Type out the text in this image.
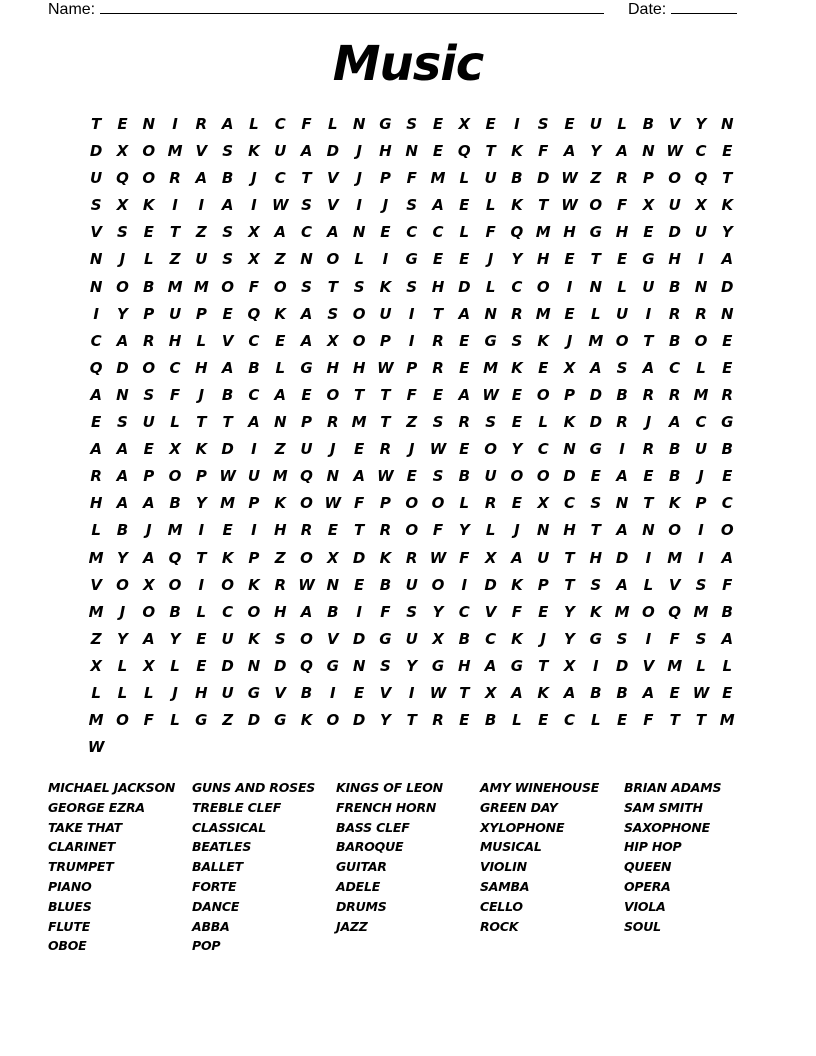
Name:	Date:
Music
T	E N	I	R A	L	C	F	L	N G S	E	X	E	I	S	E	U	L	B V	Y N
D X O M V	S	K U A D	J	H N E Q T	K	F	A	Y	A N W C	E
U Q O R A B	J	C	T	V	J	P	F M L	U B D W Z	R	P O Q T
S	X K	I	I	A	I	W S	V	I	J	S	A	E	L	K	T W O F	X U X K
V	S	E	T	Z	S	X A C A N E	C	C	L	F Q M H G H E D U Y
N	J	L	Z U S	X	Z N O	L	I	G	E	E	J	Y H E	T	E	G H	I	A
N O B M M O F O S	T	S	K	S H D	L	C O	I	N	L	U B N D
I	Y	P U P	E Q K A	S O U	I	T	A N R M E	L	U	I	R R N
C A R H	L	V C	E	A X O P	I	R	E	G S	K	J	M O T	B O E
Q D O C H A B	L	G H H W P	R	E M K	E	X A	S	A C	L	E
A N S	F	J	B	C A	E O T	T	F	E	A W E O P D B R R M R
E	S U	L	T	T	A N P	R M T	Z	S	R	S	E	L	K D R	J	A C G
A A	E	X K D	I	Z U	J	E	R	J	W E O Y	C N G	I	R B U B
R A P O P W U M Q N A W E	S	B U O O D E	A	E	B	J	E
H A A B	Y M P K O W F	P O O	L	R	E	X	C	S N T	K P	C
L	B	J	M	I	E	I	H R	E	T	R O F	Y	L	J	N H T	A N O	I	O
M Y	A Q T	K P	Z O X D K R W F	X A U	T H D	I	M	I	A
V O X O	I	O K R W N E	B U O	I	D K P	T	S	A	L	V	S	F
M	J	O B	L	C O H A B	I	F	S	Y	C V	F	E	Y	K M O Q M B
Z	Y	A	Y	E	U K	S O V D G U X B	C K	J	Y G S	I	F	S	A
X	L	X	L	E D N D Q G N S	Y G H A G	T	X	I	D V M L	L
L	L	L	J	H U G V B	I	E	V	I	W T	X A K A B B A	E W E
M O F	L	G Z D G K O D Y	T	R	E	B	L	E	C	L	E	F	T	T M
W
MICHAEL JACKSON
GEORGE EZRA
TAKE THAT
CLARINET
TRUMPET
PIANO
BLUES
FLUTE
OBOE
GUNS AND ROSES
TREBLE CLEF
CLASSICAL
BEATLES
BALLET
FORTE
DANCE
ABBA
POP
KINGS OF LEON
FRENCH HORN
BASS CLEF
BAROQUE
GUITAR
ADELE
DRUMS
JAZZ
AMY WINEHOUSE
GREEN DAY
XYLOPHONE
MUSICAL
VIOLIN
SAMBA
CELLO
ROCK
BRIAN ADAMS
SAM SMITH
SAXOPHONE
HIP HOP
QUEEN
OPERA
VIOLA
SOUL
